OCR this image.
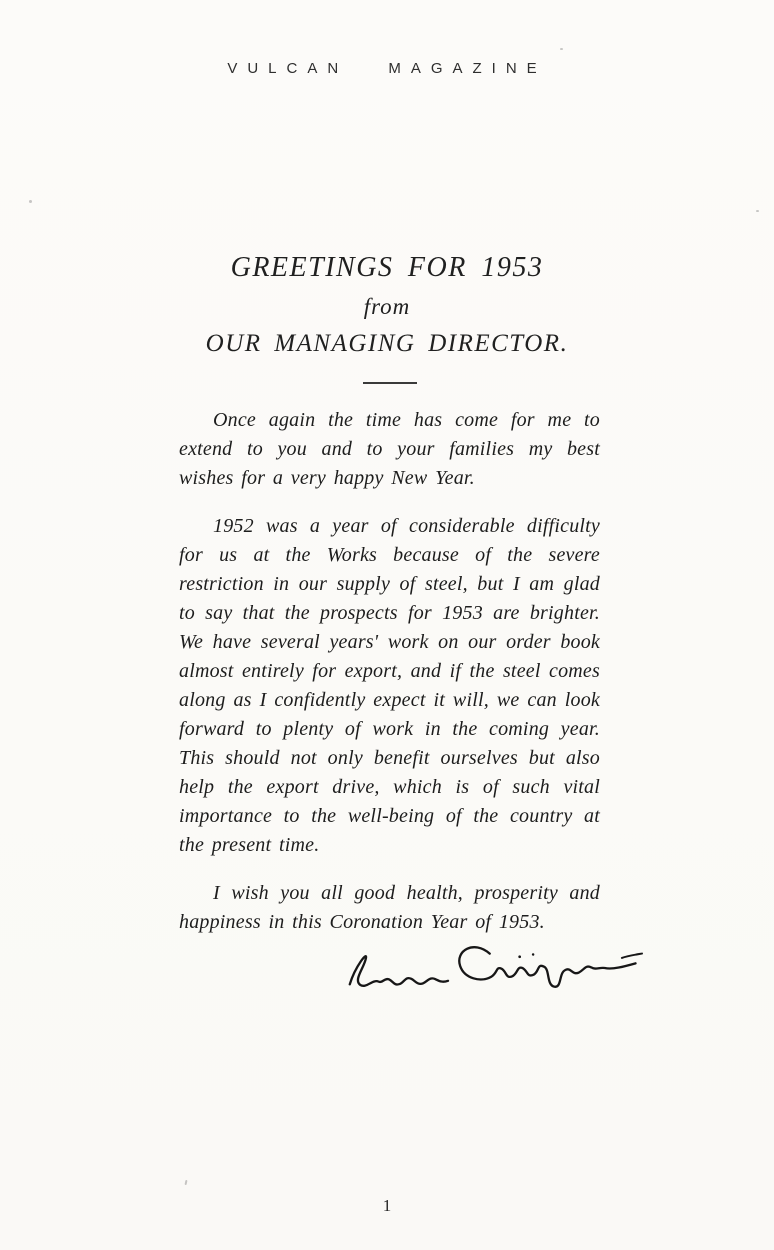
VULCAN MAGAZINE
GREETINGS FOR 1953
from
OUR MANAGING DIRECTOR.

Once again the time has come for me to extend to you and to your families my best wishes for a very happy New Year.

1952 was a year of considerable difficulty for us at the Works because of the severe restriction in our supply of steel, but I am glad to say that the prospects for 1953 are brighter. We have several years' work on our order book almost entirely for export, and if the steel comes along as I confidently expect it will, we can look forward to plenty of work in the coming year. This should not only benefit ourselves but also help the export drive, which is of such vital importance to the well-being of the country at the present time.

I wish you all good health, prosperity and happiness in this Coronation Year of 1953.

1
